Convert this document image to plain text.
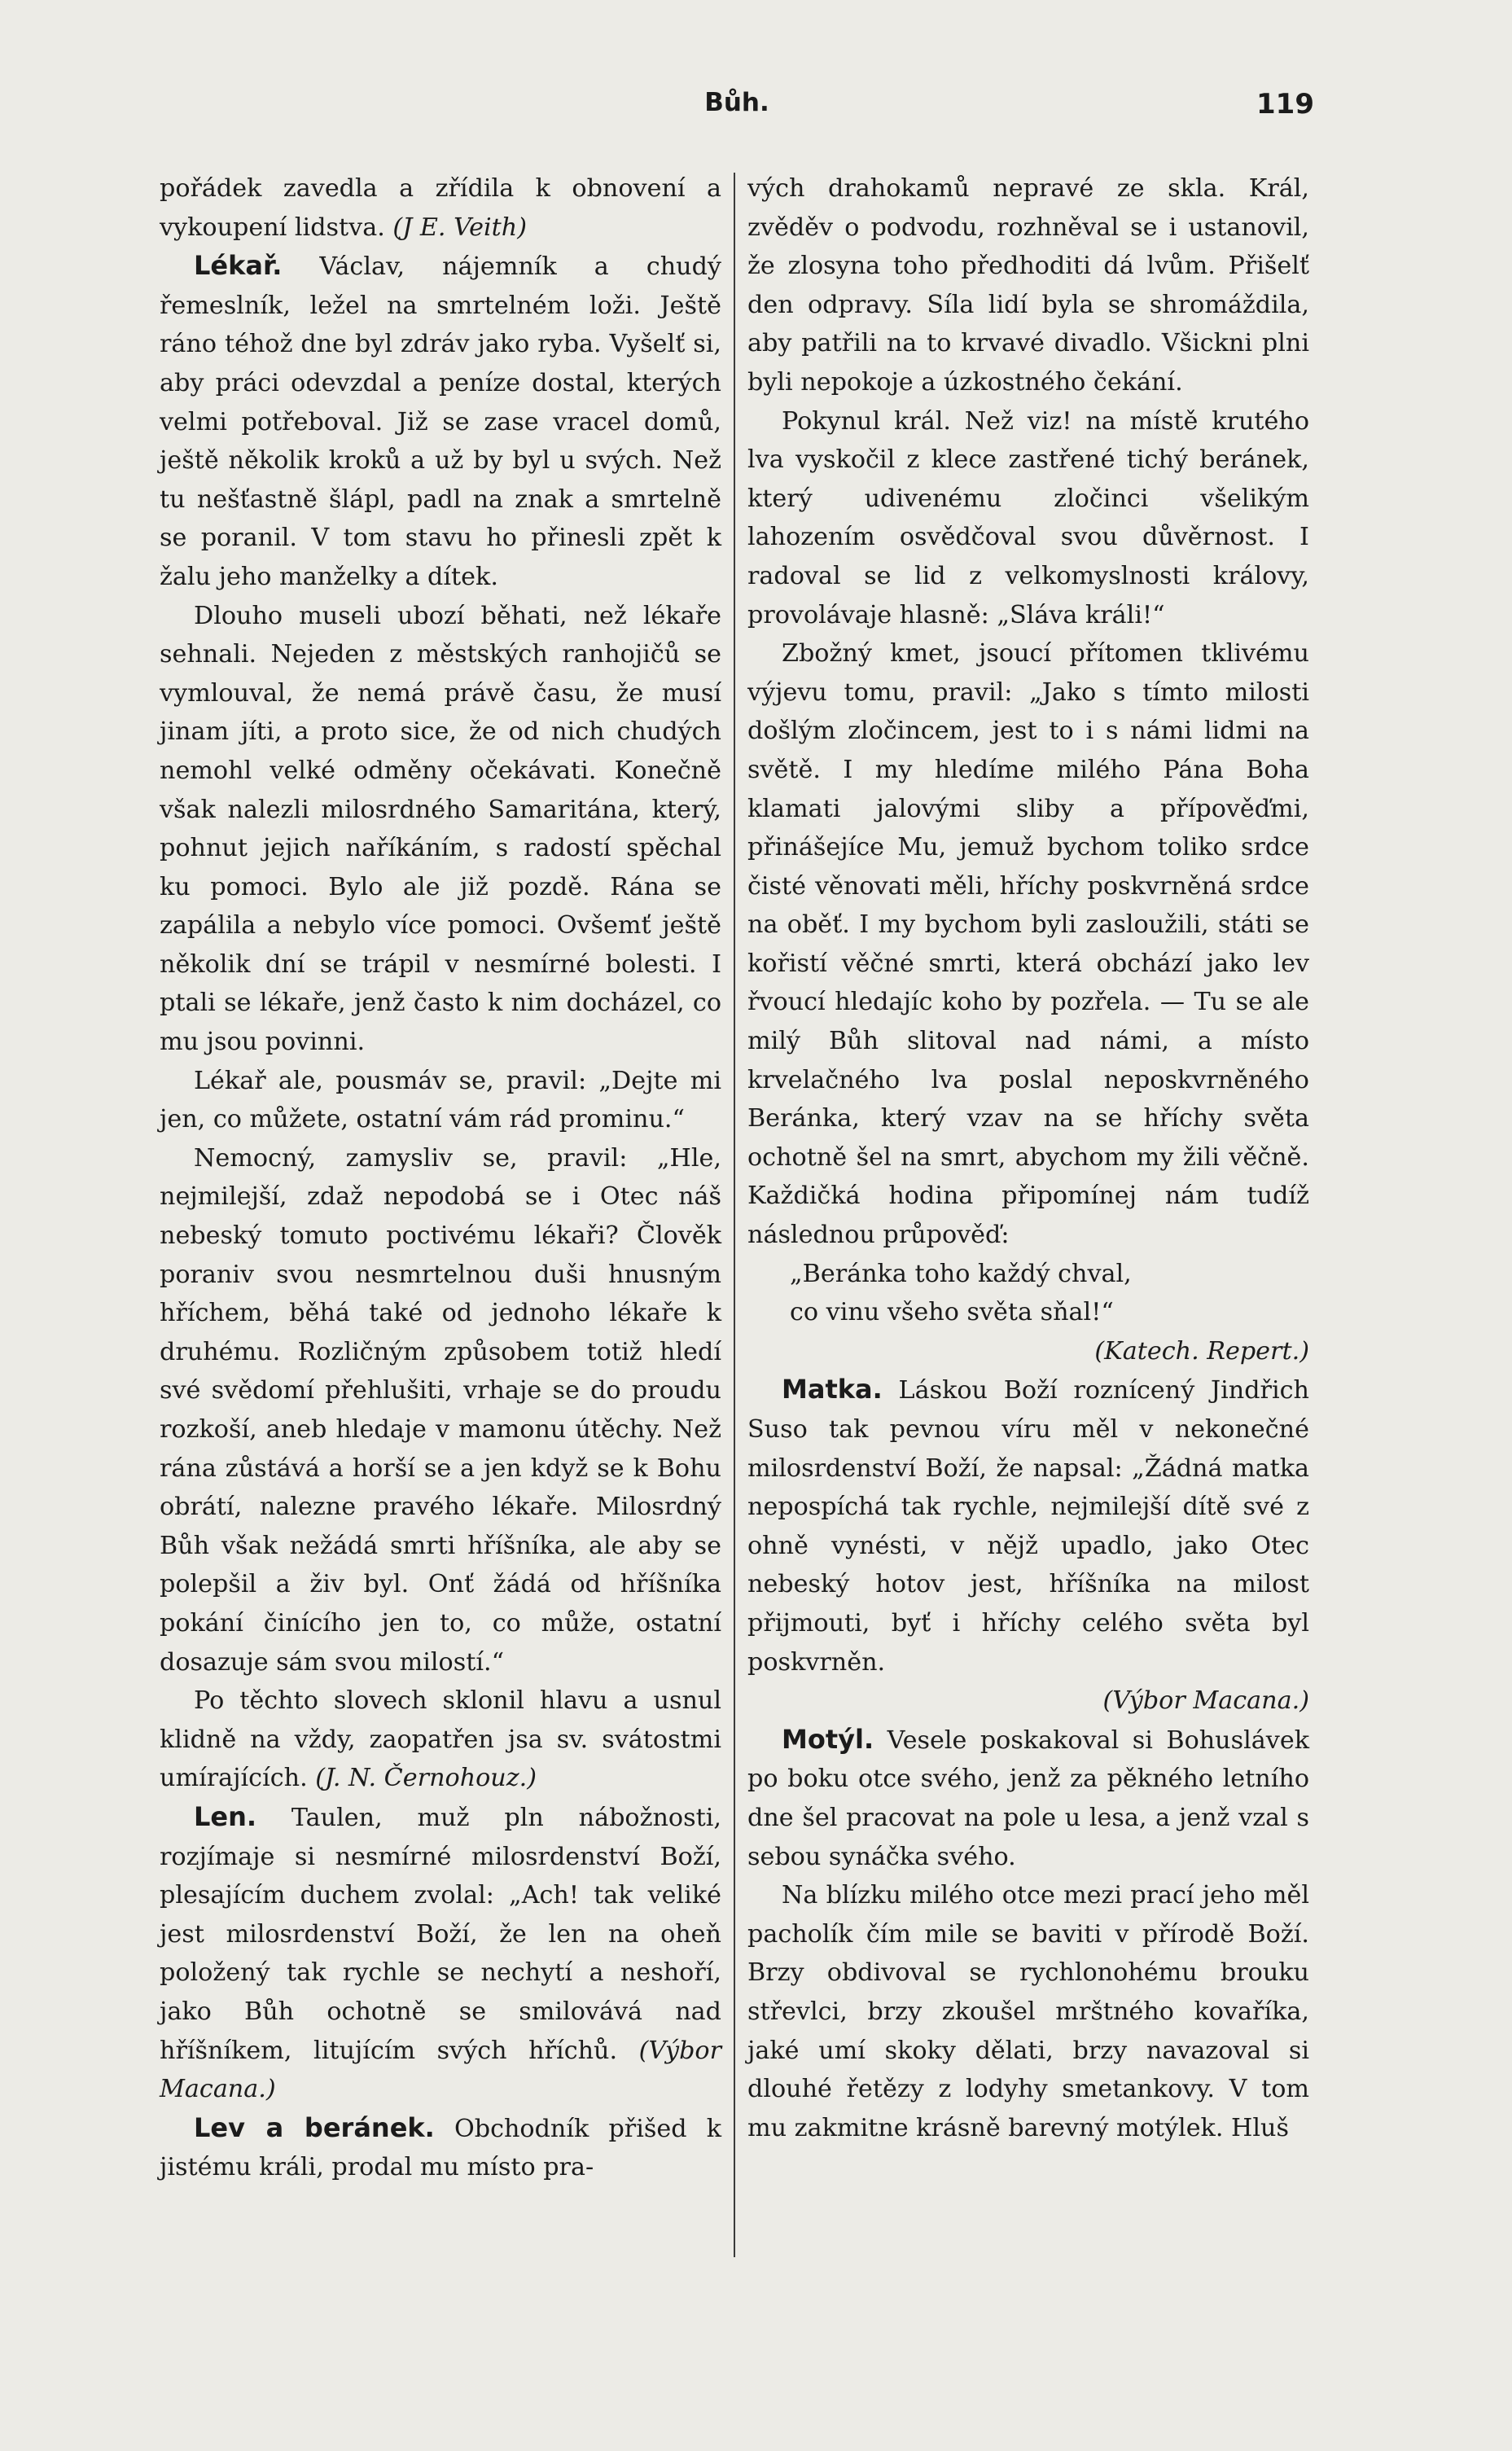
Bůh.	119

pořádek zavedla a zřídila k obnovení a vykoupení lidstva. (J E. Veith)

Lékař. Václav, nájemník a chudý řemeslník, ležel na smrtelném loži. Ještě ráno téhož dne byl zdráv jako ryba. Vyšelť si, aby práci odevzdal a peníze dostal, kterých velmi potřeboval. Již se zase vracel domů, ještě několik kroků a už by byl u svých. Než tu nešťastně šlápl, padl na znak a smrtelně se poranil. V tom stavu ho přinesli zpět k žalu jeho manželky a dítek.

Dlouho museli ubozí běhati, než lékaře sehnali. Nejeden z městských ranhojičů se vymlouval, že nemá právě času, že musí jinam jíti, a proto sice, že od nich chudých nemohl velké odměny očekávati. Konečně však nalezli milosrdného Samaritána, který, pohnut jejich naříkáním, s radostí spěchal ku pomoci. Bylo ale již pozdě. Rána se zapálila a nebylo více pomoci. Ovšemť ještě několik dní se trápil v nesmírné bolesti. I ptali se lékaře, jenž často k nim docházel, co mu jsou povinni.

Lékař ale, pousmáv se, pravil: „Dejte mi jen, co můžete, ostatní vám rád prominu.“

Nemocný, zamysliv se, pravil: „Hle, nejmilejší, zdaž nepodobá se i Otec náš nebeský tomuto poctivému lékaři? Člověk poraniv svou nesmrtelnou duši hnusným hříchem, běhá také od jednoho lékaře k druhému. Rozličným způsobem totiž hledí své svědomí přehlušiti, vrhaje se do proudu rozkoší, aneb hledaje v mamonu útěchy. Než rána zůstává a horší se a jen když se k Bohu obrátí, nalezne pravého lékaře. Milosrdný Bůh však nežádá smrti hříšníka, ale aby se polepšil a živ byl. Onť žádá od hříšníka pokání činícího jen to, co může, ostatní dosazuje sám svou milostí.“

Po těchto slovech sklonil hlavu a usnul klidně na vždy, zaopatřen jsa sv. svátostmi umírajících. (J. N. Černohouz.)

Len. Taulen, muž pln nábožnosti, rozjímaje si nesmírné milosrdenství Boží, plesajícím duchem zvolal: „Ach! tak veliké jest milosrdenství Boží, že len na oheň položený tak rychle se nechytí a neshoří, jako Bůh ochotně se smilovává nad hříšníkem, litujícím svých hříchů. (Výbor Macana.)

Lev a beránek. Obchodník přišed k jistému králi, prodal mu místo pra-

vých drahokamů nepravé ze skla. Král, zvěděv o podvodu, rozhněval se i ustanovil, že zlosyna toho předhoditi dá lvům. Přišelť den odpravy. Síla lidí byla se shromáždila, aby patřili na to krvavé divadlo. Všickni plni byli nepokoje a úzkostného čekání.

Pokynul král. Než viz! na místě krutého lva vyskočil z klece zastřené tichý beránek, který udivenému zločinci všelikým lahozením osvědčoval svou důvěrnost. I radoval se lid z velkomyslnosti královy, provolávaje hlasně: „Sláva králi!“

Zbožný kmet, jsoucí přítomen tklivému výjevu tomu, pravil: „Jako s tímto milosti došlým zločincem, jest to i s námi lidmi na světě. I my hledíme milého Pána Boha klamati jalovými sliby a přípověďmi, přinášejíce Mu, jemuž bychom toliko srdce čisté věnovati měli, hříchy poskvrněná srdce na oběť. I my bychom byli zasloužili, státi se kořistí věčné smrti, která obchází jako lev řvoucí hledajíc koho by pozřela. — Tu se ale milý Bůh slitoval nad námi, a místo krvelačného lva poslal neposkvrněného Beránka, který vzav na se hříchy světa ochotně šel na smrt, abychom my žili věčně. Každičká hodina připomínej nám tudíž následnou průpověď:

„Beránka toho každý chval,

co vinu všeho světa sňal!“

(Katech. Repert.)

Matka. Láskou Boží roznícený Jindřich Suso tak pevnou víru měl v nekonečné milosrdenství Boží, že napsal: „Žádná matka nepospíchá tak rychle, nejmilejší dítě své z ohně vynésti, v nějž upadlo, jako Otec nebeský hotov jest, hříšníka na milost přijmouti, byť i hříchy celého světa byl poskvrněn.

(Výbor Macana.)

Motýl. Vesele poskakoval si Bohuslávek po boku otce svého, jenž za pěkného letního dne šel pracovat na pole u lesa, a jenž vzal s sebou synáčka svého.

Na blízku milého otce mezi prací jeho měl pacholík čím mile se baviti v přírodě Boží. Brzy obdivoval se rychlonohému brouku střevlci, brzy zkoušel mrštného kovaříka, jaké umí skoky dělati, brzy navazoval si dlouhé řetězy z lodyhy smetankovy. V tom mu zakmitne krásně barevný motýlek. Hluš
